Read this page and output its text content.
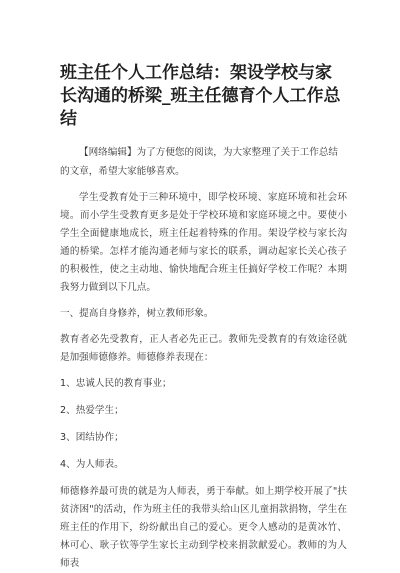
班主任个人工作总结：架设学校与家长沟通的桥梁_班主任德育个人工作总结

【网络编辑】为了方便您的阅读，为大家整理了关于工作总结的文章，希望大家能够喜欢。

学生受教育处于三种环境中，即学校环境、家庭环境和社会环境。而小学生受教育更多是处于学校环境和家庭环境之中。要使小学生全面健康地成长，班主任起着特殊的作用。架设学校与家长沟通的桥梁。怎样才能沟通老师与家长的联系，调动起家长关心孩子的积极性，使之主动地、愉快地配合班主任搞好学校工作呢？本期我努力做到以下几点。

一、提高自身修养，树立教师形象。

教育者必先受教育，正人者必先正己。教师先受教育的有效途径就是加强师德修养。师德修养表现在：

1、忠诚人民的教育事业；

2、热爱学生；

3、团结协作；

4、为人师表。

师德修养最可贵的就是为人师表，勇于奉献。如上期学校开展了"扶贫济困"的活动，作为班主任的我带头给山区儿童捐款捐物，学生在班主任的作用下，纷纷献出自己的爱心。更令人感动的是黄冰竹、林可心、耿子钦等学生家长主动到学校来捐款献爱心。教师的为人师表
